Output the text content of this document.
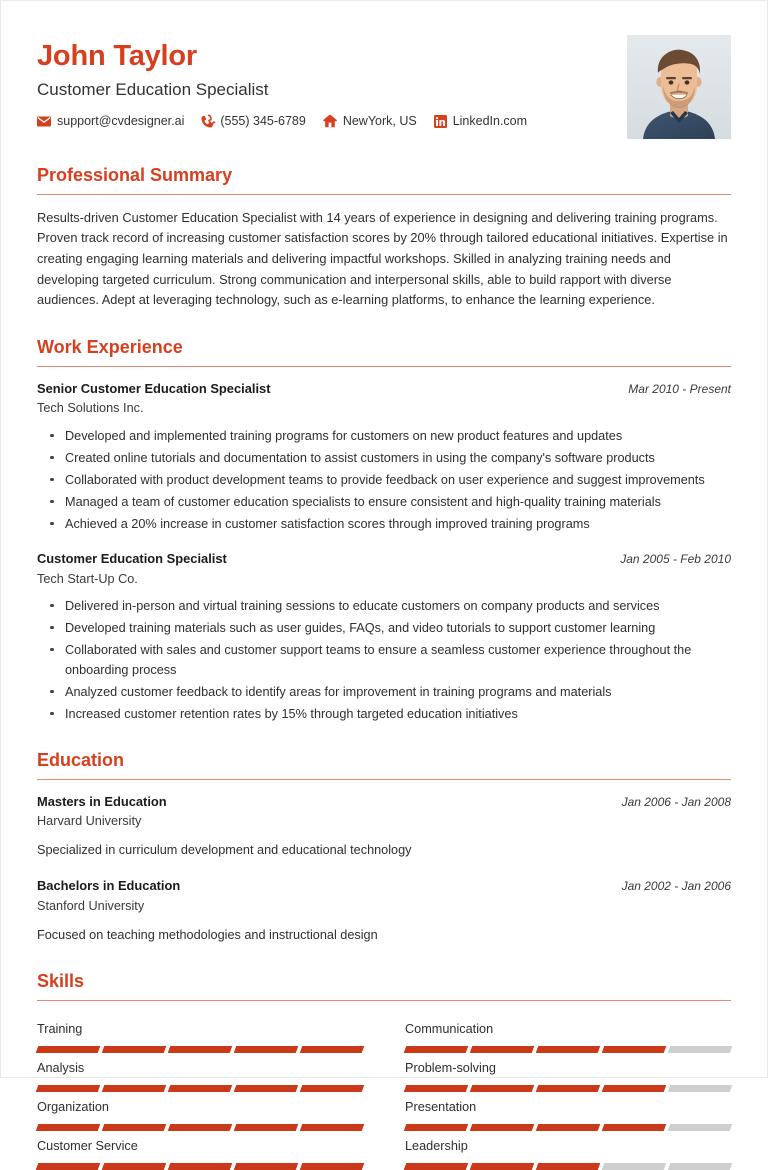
John Taylor
Customer Education Specialist
support@cvdesigner.ai	(555) 345-6789	NewYork, US	LinkedIn.com
Professional Summary

Results-driven Customer Education Specialist with 14 years of experience in designing and delivering training programs. Proven track record of increasing customer satisfaction scores by 20% through tailored educational initiatives. Expertise in creating engaging learning materials and delivering impactful workshops. Skilled in analyzing training needs and developing targeted curriculum. Strong communication and interpersonal skills, able to build rapport with diverse audiences. Adept at leveraging technology, such as e-learning platforms, to enhance the learning experience.

Work Experience
Senior Customer Education Specialist	Mar 2010 - Present
Tech Solutions Inc.
Developed and implemented training programs for customers on new product features and updates
Created online tutorials and documentation to assist customers in using the company's software products
Collaborated with product development teams to provide feedback on user experience and suggest improvements
Managed a team of customer education specialists to ensure consistent and high-quality training materials
Achieved a 20% increase in customer satisfaction scores through improved training programs
Customer Education Specialist	Jan 2005 - Feb 2010
Tech Start-Up Co.
Delivered in-person and virtual training sessions to educate customers on company products and services
Developed training materials such as user guides, FAQs, and video tutorials to support customer learning
Collaborated with sales and customer support teams to ensure a seamless customer experience throughout the onboarding process
Analyzed customer feedback to identify areas for improvement in training programs and materials
Increased customer retention rates by 15% through targeted education initiatives
Education
Masters in Education	Jan 2006 - Jan 2008
Harvard University
Specialized in curriculum development and educational technology
Bachelors in Education	Jan 2002 - Jan 2006
Stanford University
Focused on teaching methodologies and instructional design
Skills
Training	Communication
Analysis	Problem-solving
Organization	Presentation
Customer Service	Leadership
